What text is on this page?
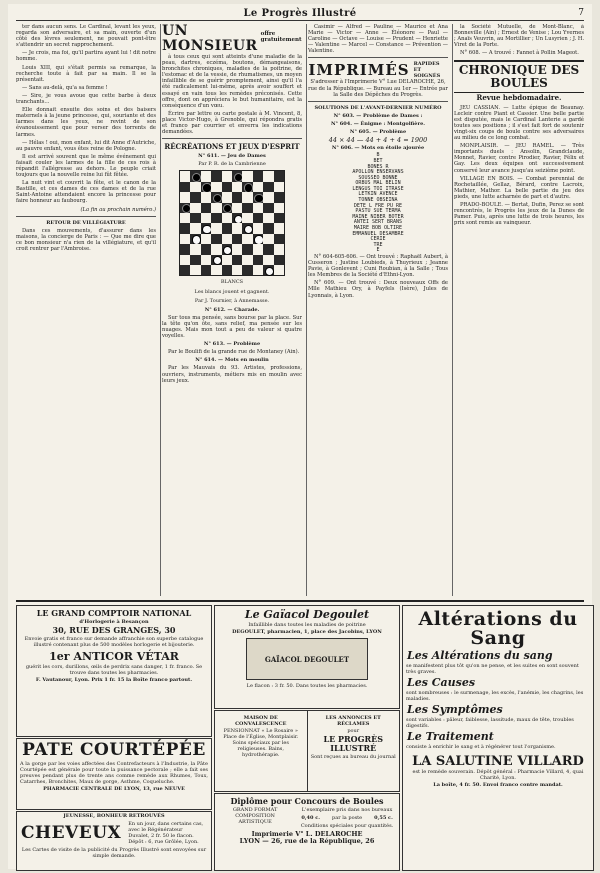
Le Progrès Illustré	7

ter dans aucun sens. Le Cardinal, levant les yeux, regarda son adversaire, et sa main, ouverte d'un côté des lèvres seulement, ne pouvait pont-être s'attendrir un secret rapprochement.

— Je crois, ma foi, qu'il partira ayant lui ! dit notre homme.

Louis XIII, qui s'était permis sa remarque, la recherche toute à fait par sa main. Il se la présentait.

— Sans au-delà, qu'a sa femme !

— Sire, je vous avoue que cette barbe à deux tranchants...

Elle donnait ensuite des soins et des baisers maternels à la jeune princesse, qui, souriante et des larmes dans les yeux, ne revint de son évanouissement que pour verser des torrents de larmes.

— Hélas ! oui, mon enfant, lui dit Anne d'Autriche, au pauvre enfant, vous êtes reine de Pologne.

Il est arrivé souvent que le même événement qui faisait couler les larmes de la fille de ces rois à répandit l'allégresse au dehors. Le peuple criait toujours que la nouvelle reine lui fût fêtée.

La nuit vint et couvrit la fête, et le canon de la Bastille, et ces dames de ces dames et de la rue Saint-Antoine attendaient encore la princesse pour faire honneur au faubourg.

(La fin au prochain numéro.)

RETOUR DE VILLÉGIATURE

Dans ces mouvements, d'assurer dans les maisons, la concierge de Paris : — Que me dire que ce bon monsieur n'a rien de la villégiature, et qu'il croit rentrer par l'Ambroise.

UN MONSIEUR
offre gratuitement

à tous ceux qui sont atteints d'une maladie de la peau, dartres, eczéma, boutons, démangeaisons, bronchites chroniques, maladies de la poitrine, de l'estomac et de la vessie, de rhumatismes, un moyen infaillible de se guérir promptement, ainsi qu'il l'a été radicalement lui-même, après avoir souffert et essayé en vain tous les remèdes préconisés. Cette offre, dont on appréciera le but humanitaire, est la conséquence d'un vœu.

Écrire par lettre ou carte postale à M. Vincent, 8, place Victor-Hugo, à Grenoble, qui répondra gratis et franco par courrier et enverra les indications demandées.

RÉCRÉATIONS ET JEUX D'ESPRIT
N° 611. — Jeu de Dames
Par P. R. de la Cambrienne
BLANCS
Les blancs jouent et gagnent.
Par J. Tournier, à Annemasse.
N° 612. — Charade.

Sur tous ma pensée, sans bourse par la place. Sur la tête qu'on ôte, sans relief, ma pensée sur les nuages. Mais mon tout a peu de valeur si quatre voyelles.

N° 613. — Problème

Par le Boulifi de la grande rue de Montaney (Ain).

N° 614. — Mots en moulin

Par les Mauvais du 93. Artistes, professions, ouvriers, instruments, métiers mis en moulin avec leurs jeux.

Casimir — Alfred — Pauline — Maurice et Ana Marie — Victor — Anne — Éléonore — Paul — Caroline — Octave — Louise — Prudent — Henriette — Valentine — Marcel — Constance — Prévention — Valentine.

IMPRIMÉS RAPIDES ET SOIGNÉS

S'adresser à l'Imprimerie V° Lue DELAROCHE, 26, rue de la République. — Bureau au 1er — Entrée par la Salle des Dépêches du Progrès.

SOLUTIONS DE L'AVANT-DERNIER NUMÉRO
N° 603. — Problème de Dames :
N° 604. — Énigme : Montgolfière.
N° 605. — Problème
44 × 44 — 44 + 4 + 4 = 1900
N° 606. — Mots en étoile ajourée
B
BET
BONES R
APOLLON ENSERVANS
SOUSSEO BONNE
ORBUS MAL BELIN
LENGUS TOI ITRASE
LETKIN AVENCE
TONNE OBSEINA
DETE L FRE PU RE
PASTU SUE TERMA
MAINE NIBER BOTER
ANTEI SERT BRANS
MAIRE BOB OLTIRE
EMMANUEL DESAMBRE
CERIE
TRE
E

N° 604-605-606. — Ont trouvé : Raphaël Aubert, à Cusseron ; Justine Loubieds, à Thuyrieux ; Jeanne Pavie, à Gonlevent ; Cuni Roubian, à la Salle ; Tous les Membres de la Société d'Ethni-Lyon.

N° 609. — Ont trouvé : Deux nouveaux Offs de Mlle Mathieu Ory, à Payfels (Isère), Jules de Lyonnais, à Lyon.

la Société Mutuelle, de Mont-Blanc, à Bonneville (Ain) ; Ernest de Venise ; Lou Yvernes ; Anaïs Veuvrin, au Mortillier ; Un Lusyrien ; J. H. Viret de la Porte.

N° 608. — A trouvé : Fannet à Pollin Mageot.

CHRONIQUE DES BOULES
Revue hebdomadaire.

JEU CASSIAN. — Lutte épique de Beaunay. Lecleir contre Piant et Cassier. Une belle partie est disputée, mais le Cardinal Lanterie a gardé toutes ses positions ; il s'est fait fort de soutenir vingt-six coups de boule contre ses adversaires au milieu de ce long combat.

MONPLAISIR. — JEU RAMEL. — Très importants duels : Ansolin, Grandclaude, Monnet, Ravier, contre Pirodier, Ravier, Félix et Gay. Les deux équipes ont successivement conservé leur avance jusqu'au seizième point.

VILLAGE EN BOIS. — Combat perennial de Rochetaillée, Gellaz, Bérard, contre Lacroix, Mathier, Mathor. La belle partie du jeu des pieds, une lutte acharnée de part et d'autre.

PRADO-BOULE. — Bertat, Dufin, Perez se sont rencontrés, le Progrès les jeux de la Dunes de Pamer. Puis, après une lutte de trois heures, les prix sont remis au vainqueur.

LE GRAND COMPTOIR NATIONAL
d'Horlogerie à Besançon
30, RUE DES GRANGES, 30
Envoie gratis et franco sur demande affranchie son superbe catalogue illustré contenant plus de 500 modèles horlogerie et bijouterie.
1er ANTICOR VÉTAR
guérit les cors, durillons, œils de perdrix sans danger, 1 fr. franco. Se trouve dans toutes les pharmacies.
F. Vautanour, Lyon. Prix 1 fr. 15 la Boîte franco partout.
PATE COURTÉPÉE
A la gorge par les voies affectées des Contrefacteurs à l'Industrie, la Pâte Courtépée est générale pour toute la puissance pectorale ; elle a fait ses preuves pendant plus de trente ans comme remède aux Rhumes, Toux, Catarrhes, Bronchites, Maux de gorge, Asthme, Coqueluche.
PHARMACIE CENTRALE DE LYON, 13, rue NEUVE
JEUNESSE, BONHEUR RETROUVÉS
CHEVEUX En un jour, dans certains cas, avec le Régénérateur Duvalet, 2 fr. 50 le flacon. Dépôt : 6, rue Grôlée, Lyon.
Les Cartes de visite de la publicité du Progrès Illustré sont envoyées sur simple demande.
Le Gaïacol Degoulet
Infaillible dans toutes les maladies de poitrine
DEGOULET, pharmacien, 1, place des Jacobins, LYON
GAÏACOL DEGOULET
Le flacon : 3 fr. 50. Dans toutes les pharmacies.
MAISON DE CONVALESCENCE
PENSIONNAT « Le Rosaire » Place de l'Église, Montplaisir. Soins spéciaux par les religieuses. Bains, hydrothérapie.
LES ANNONCES ET RÉCLAMES
pour
LE PROGRÈS ILLUSTRÉ
Sont reçues au bureau du journal
Diplôme pour Concours de Boules
GRAND FORMAT COMPOSITION ARTISTIQUE
L'exemplaire pris dans nos bureaux
0,40 c. par la poste 0,55 c.
Conditions spéciales pour quantités.
Imprimerie V° L. DELAROCHE
LYON — 26, rue de la République, 26
Altérations du Sang
Les Altérations du sang
se manifestent plus tôt qu'on ne pense, et les suites en sont souvent très graves.
Les Causes
sont nombreuses : le surmenage, les excès, l'anémie, les chagrins, les maladies.
Les Symptômes
sont variables : pâleur, faiblesse, lassitude, maux de tête, troubles digestifs.
Le Traitement
consiste à enrichir le sang et à régénérer tout l'organisme.
LA SALUTINE VILLARD
est le remède souverain. Dépôt général : Pharmacie Villard, 4, quai Charité, Lyon.
La boîte, 4 fr. 50. Envoi franco contre mandat.
